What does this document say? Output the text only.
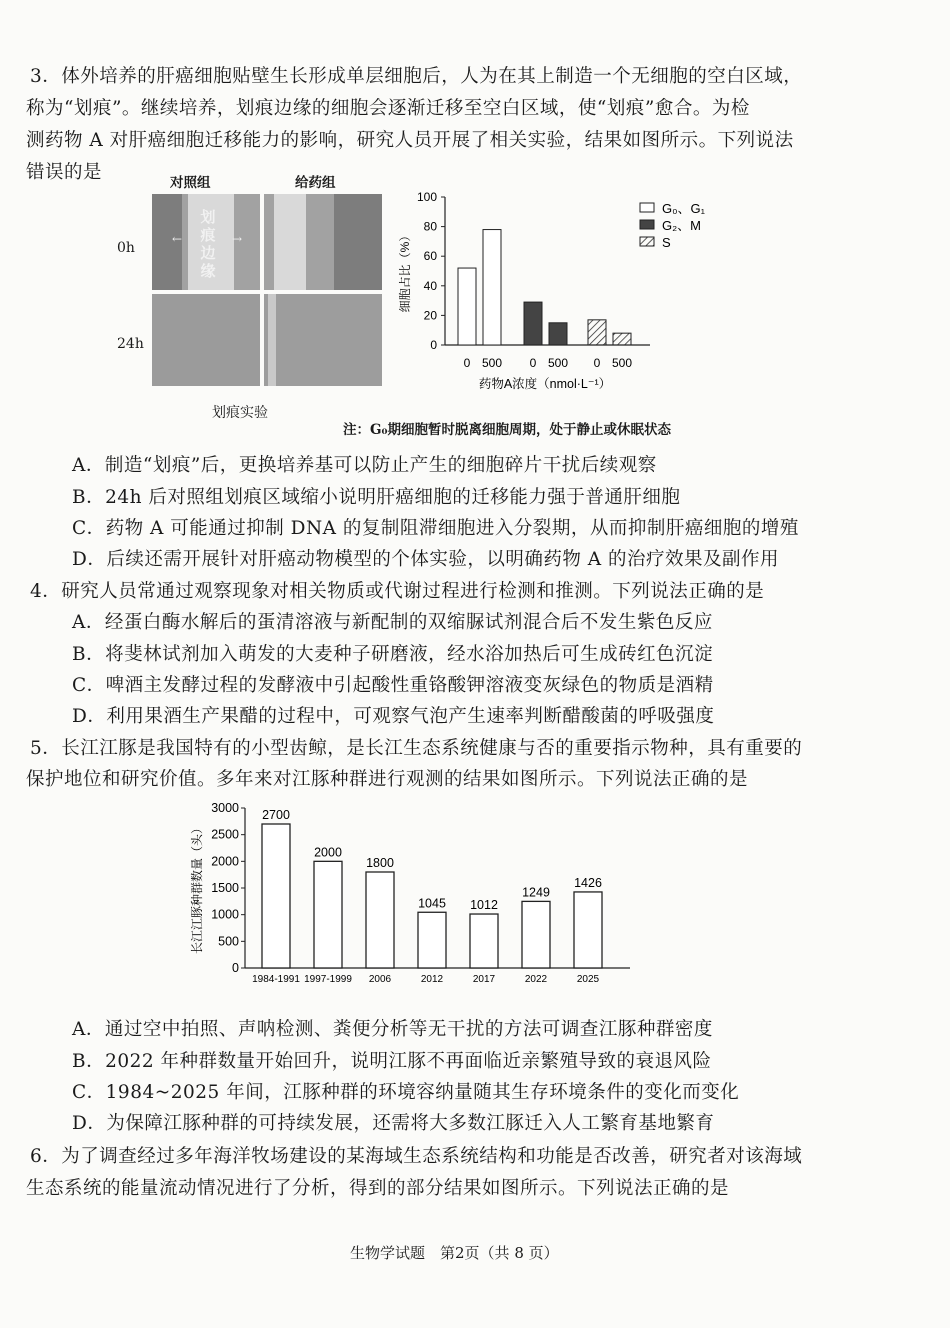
3．体外培养的肝癌细胞贴壁生长形成单层细胞后，人为在其上制造一个无细胞的空白区域，
称为“划痕”。继续培养，划痕边缘的细胞会逐渐迁移至空白区域，使“划痕”愈合。为检
测药物 A 对肝癌细胞迁移能力的影响，研究人员开展了相关实验，结果如图所示。下列说法
错误的是	对照组	给药组
0h
24h
划痕边缘
←	→
划痕实验
0
20
40
60
80
100
0 500 0 500 0 500
药物A浓度（nmol·L⁻¹）
细胞占比（%）
G₀、G₁
G₂、M
S
注：G₀期细胞暂时脱离细胞周期，处于静止或休眠状态
A．制造“划痕”后，更换培养基可以防止产生的细胞碎片干扰后续观察
B．24h 后对照组划痕区域缩小说明肝癌细胞的迁移能力强于普通肝细胞
C．药物 A 可能通过抑制 DNA 的复制阻滞细胞进入分裂期，从而抑制肝癌细胞的增殖
D．后续还需开展针对肝癌动物模型的个体实验，以明确药物 A 的治疗效果及副作用
4．研究人员常通过观察现象对相关物质或代谢过程进行检测和推测。下列说法正确的是
A．经蛋白酶水解后的蛋清溶液与新配制的双缩脲试剂混合后不发生紫色反应
B．将斐林试剂加入萌发的大麦种子研磨液，经水浴加热后可生成砖红色沉淀
C．啤酒主发酵过程的发酵液中引起酸性重铬酸钾溶液变灰绿色的物质是酒精
D．利用果酒生产果醋的过程中，可观察气泡产生速率判断醋酸菌的呼吸强度
5．长江江豚是我国特有的小型齿鲸，是长江生态系统健康与否的重要指示物种，具有重要的
保护地位和研究价值。多年来对江豚种群进行观测的结果如图所示。下列说法正确的是
0
500
1000
1500
2000
2500
3000 2700
1984-1991
2000
1997-1999
1800
2006
1045
2012
1012
2017
1249
2022
1426
2025
长江江豚种群数量（头）
A．通过空中拍照、声呐检测、粪便分析等无干扰的方法可调查江豚种群密度
B．2022 年种群数量开始回升，说明江豚不再面临近亲繁殖导致的衰退风险
C．1984~2025 年间，江豚种群的环境容纳量随其生存环境条件的变化而变化
D．为保障江豚种群的可持续发展，还需将大多数江豚迁入人工繁育基地繁育
6．为了调查经过多年海洋牧场建设的某海域生态系统结构和功能是否改善，研究者对该海域
生态系统的能量流动情况进行了分析，得到的部分结果如图所示。下列说法正确的是
生物学试题　第2页（共 8 页）
